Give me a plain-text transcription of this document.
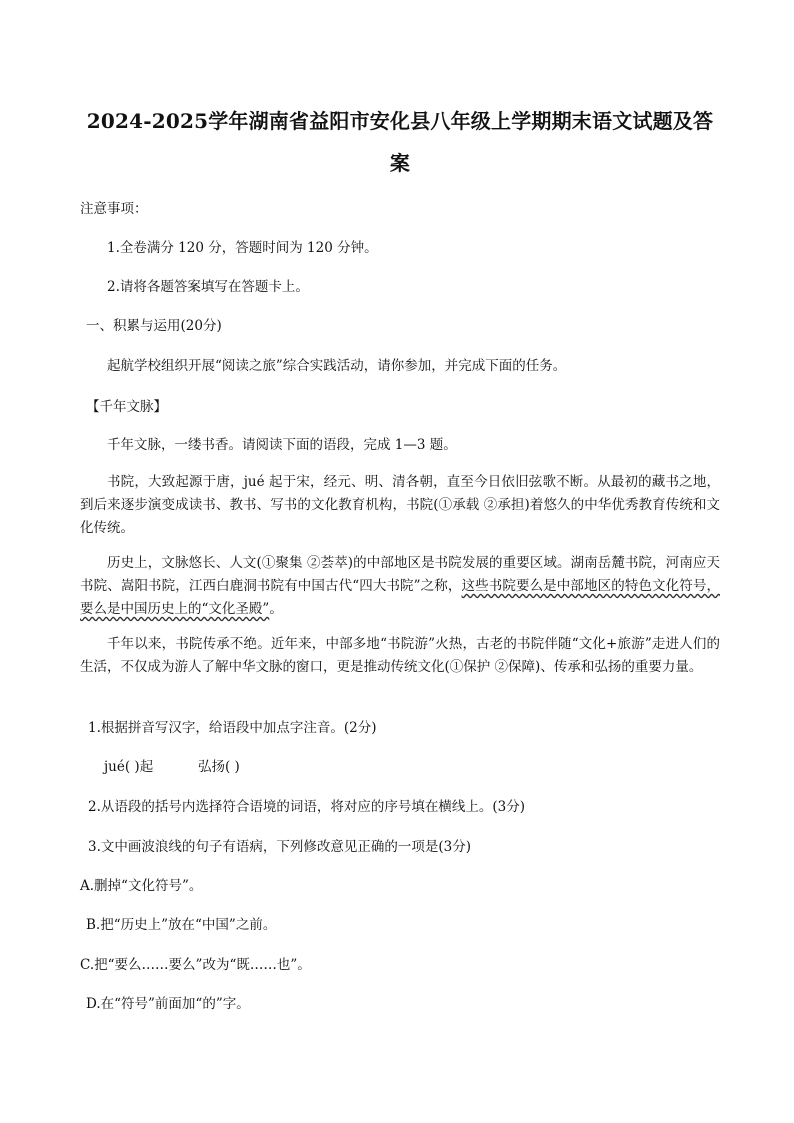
2024-2025学年湖南省益阳市安化县八年级上学期期末语文试题及答
案
注意事项：
1.全卷满分 120 分，答题时间为 120 分钟。
2.请将各题答案填写在答题卡上。
一、积累与运用(20分)
起航学校组织开展“阅读之旅”综合实践活动，请你参加，并完成下面的任务。
【千年文脉】
千年文脉，一缕书香。请阅读下面的语段，完成 1—3 题。
书院，大致起源于唐，jué 起于宋，经元、明、清各朝，直至今日依旧弦歌不断。从最初的藏书之地，到后来逐步演变成读书、教书、写书的文化教育机构，书院(①承载 ②承担)着悠久的中华优秀教育传统和文化传统。
历史上，文脉悠长、人文(①聚集 ②荟萃)的中部地区是书院发展的重要区域。湖南岳麓书院，河南应天书院、嵩阳书院，江西白鹿洞书院有中国古代“四大书院”之称，这些书院要么是中部地区的特色文化符号，要么是中国历史上的“文化圣殿”。
千年以来，书院传承不绝。近年来，中部多地“书院游”火热，古老的书院伴随“文化+旅游”走进人们的生活，不仅成为游人了解中华文脉的窗口，更是推动传统文化(①保护 ②保障)、传承和弘扬的重要力量。
1.根据拼音写汉字，给语段中加点字注音。(2分)
jué( )起	弘扬( )
2.从语段的括号内选择符合语境的词语，将对应的序号填在横线上。(3分)
3.文中画波浪线的句子有语病，下列修改意见正确的一项是(3分)
A.删掉“文化符号”。
B.把“历史上”放在“中国”之前。
C.把“要么……要么”改为“既……也”。
D.在“符号”前面加“的”字。
